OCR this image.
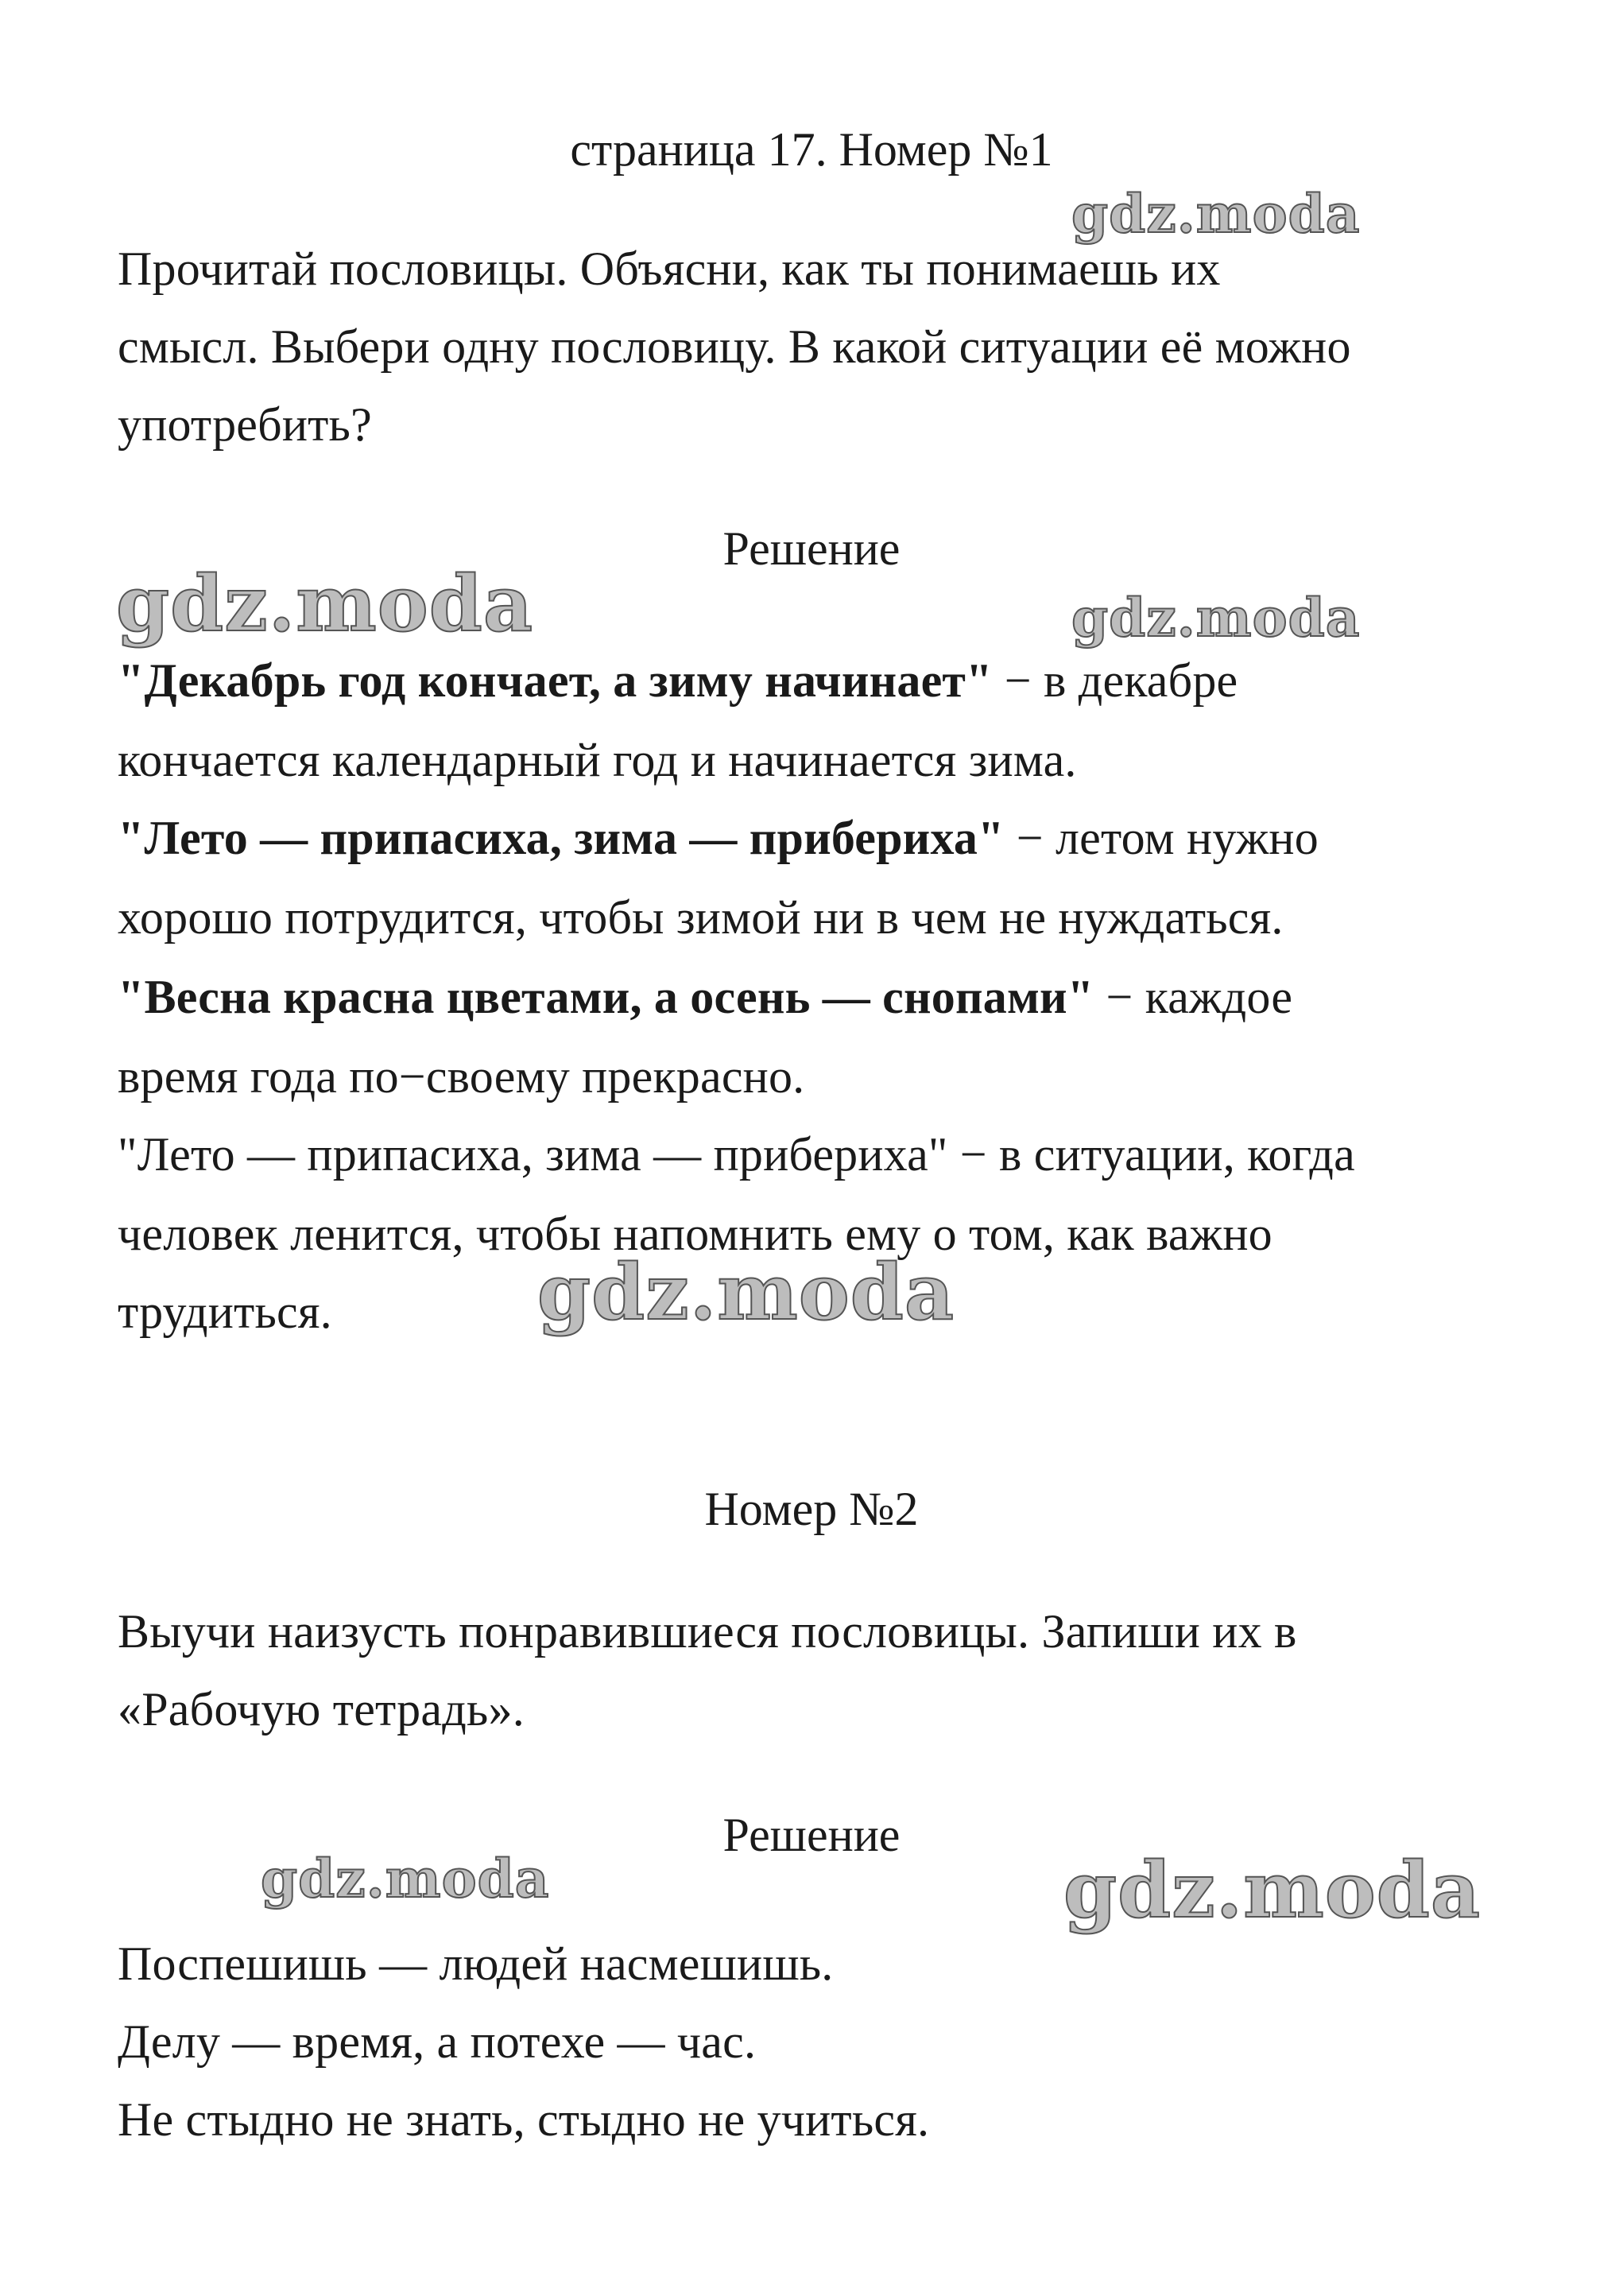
страница 17. Номер №1
Прочитай пословицы. Объясни, как ты понимаешь их
смысл. Выбери одну пословицу. В какой ситуации её можно
употребить?
Решение
"Декабрь год кончает, а зиму начинает" − в декабре
кончается календарный год и начинается зима.
"Лето — припасиха, зима — прибериха" − летом нужно
хорошо потрудится, чтобы зимой ни в чем не нуждаться.
"Весна красна цветами, а осень — снопами" − каждое
время года по−своему прекрасно.
"Лето — припасиха, зима — прибериха" − в ситуации, когда
человек ленится, чтобы напомнить ему о том, как важно
трудиться.
Номер №2
Выучи наизусть понравившиеся пословицы. Запиши их в
«Рабочую тетрадь».
Решение
Поспешишь — людей насмешишь.
Делу — время, а потехе — час.
Не стыдно не знать, стыдно не учиться.
gdz.moda
gdz.moda	gdz.moda
gdz.moda
gdz.moda	gdz.moda
